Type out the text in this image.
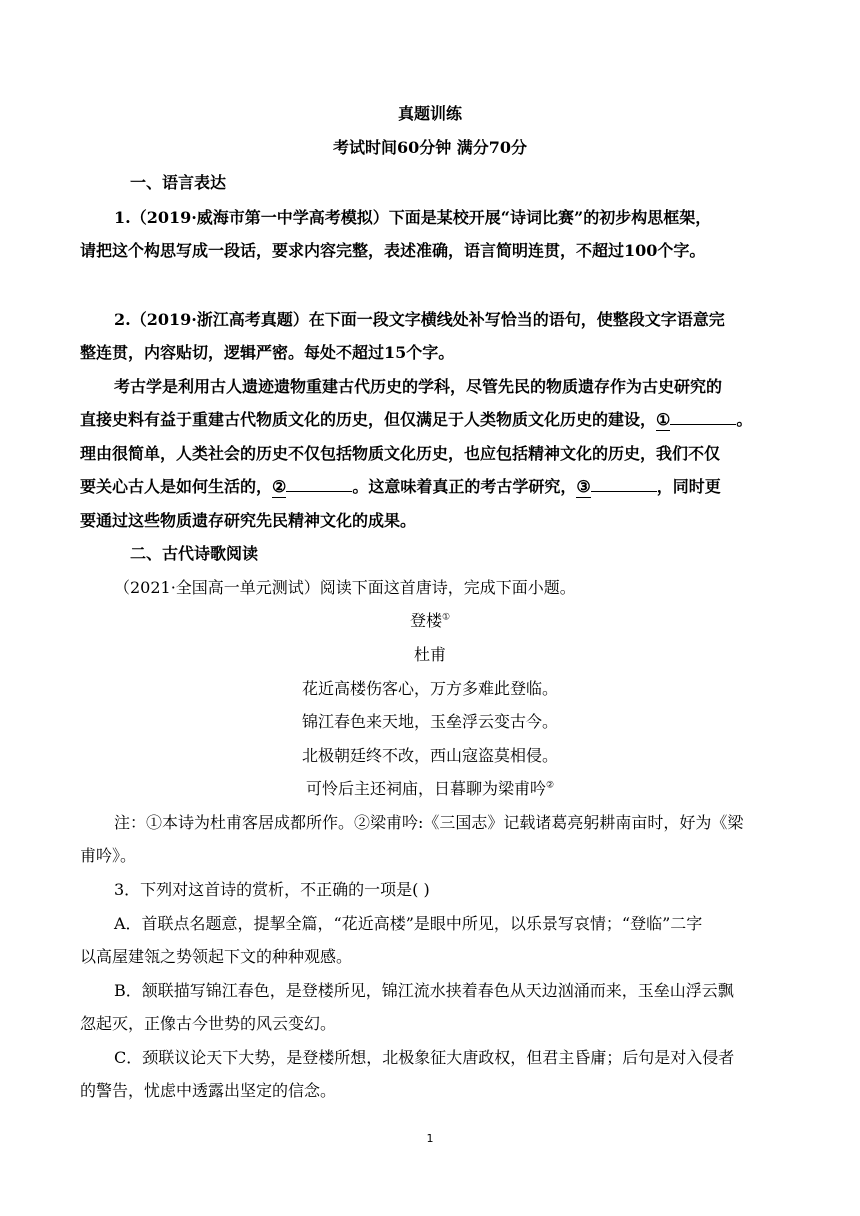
真题训练
考试时间60分钟 满分70分
一、语言表达
1.（2019·威海市第一中学高考模拟）下面是某校开展“诗词比赛”的初步构思框架，
请把这个构思写成一段话，要求内容完整，表述准确，语言简明连贯，不超过100个字。
2.（2019·浙江高考真题）在下面一段文字横线处补写恰当的语句，使整段文字语意完
整连贯，内容贴切，逻辑严密。每处不超过15个字。
考古学是利用古人遗迹遗物重建古代历史的学科，尽管先民的物质遗存作为古史研究的
直接史料有益于重建古代物质文化的历史，但仅满足于人类物质文化历史的建设，①	。
理由很简单，人类社会的历史不仅包括物质文化历史，也应包括精神文化的历史，我们不仅
要关心古人是如何生活的，②	。这意味着真正的考古学研究，③	，同时更
要通过这些物质遗存研究先民精神文化的成果。
二、古代诗歌阅读
（2021·全国高一单元测试）阅读下面这首唐诗，完成下面小题。
登楼①
杜甫
花近高楼伤客心，万方多难此登临。
锦江春色来天地，玉垒浮云变古今。
北极朝廷终不改，西山寇盗莫相侵。
可怜后主还祠庙，日暮聊为梁甫吟②
注：①本诗为杜甫客居成都所作。②梁甫吟:《三国志》记载诸葛亮躬耕南亩时，好为《梁
甫吟》。
3．下列对这首诗的赏析，不正确的一项是( )
A．首联点名题意，提挈全篇，“花近高楼”是眼中所见，以乐景写哀情；“登临”二字
以高屋建瓴之势领起下文的种种观感。
B．颔联描写锦江春色，是登楼所见，锦江流水挟着春色从天边汹涌而来，玉垒山浮云飘
忽起灭，正像古今世势的风云变幻。
C．颈联议论天下大势，是登楼所想，北极象征大唐政权，但君主昏庸；后句是对入侵者
的警告，忧虑中透露出坚定的信念。
1
